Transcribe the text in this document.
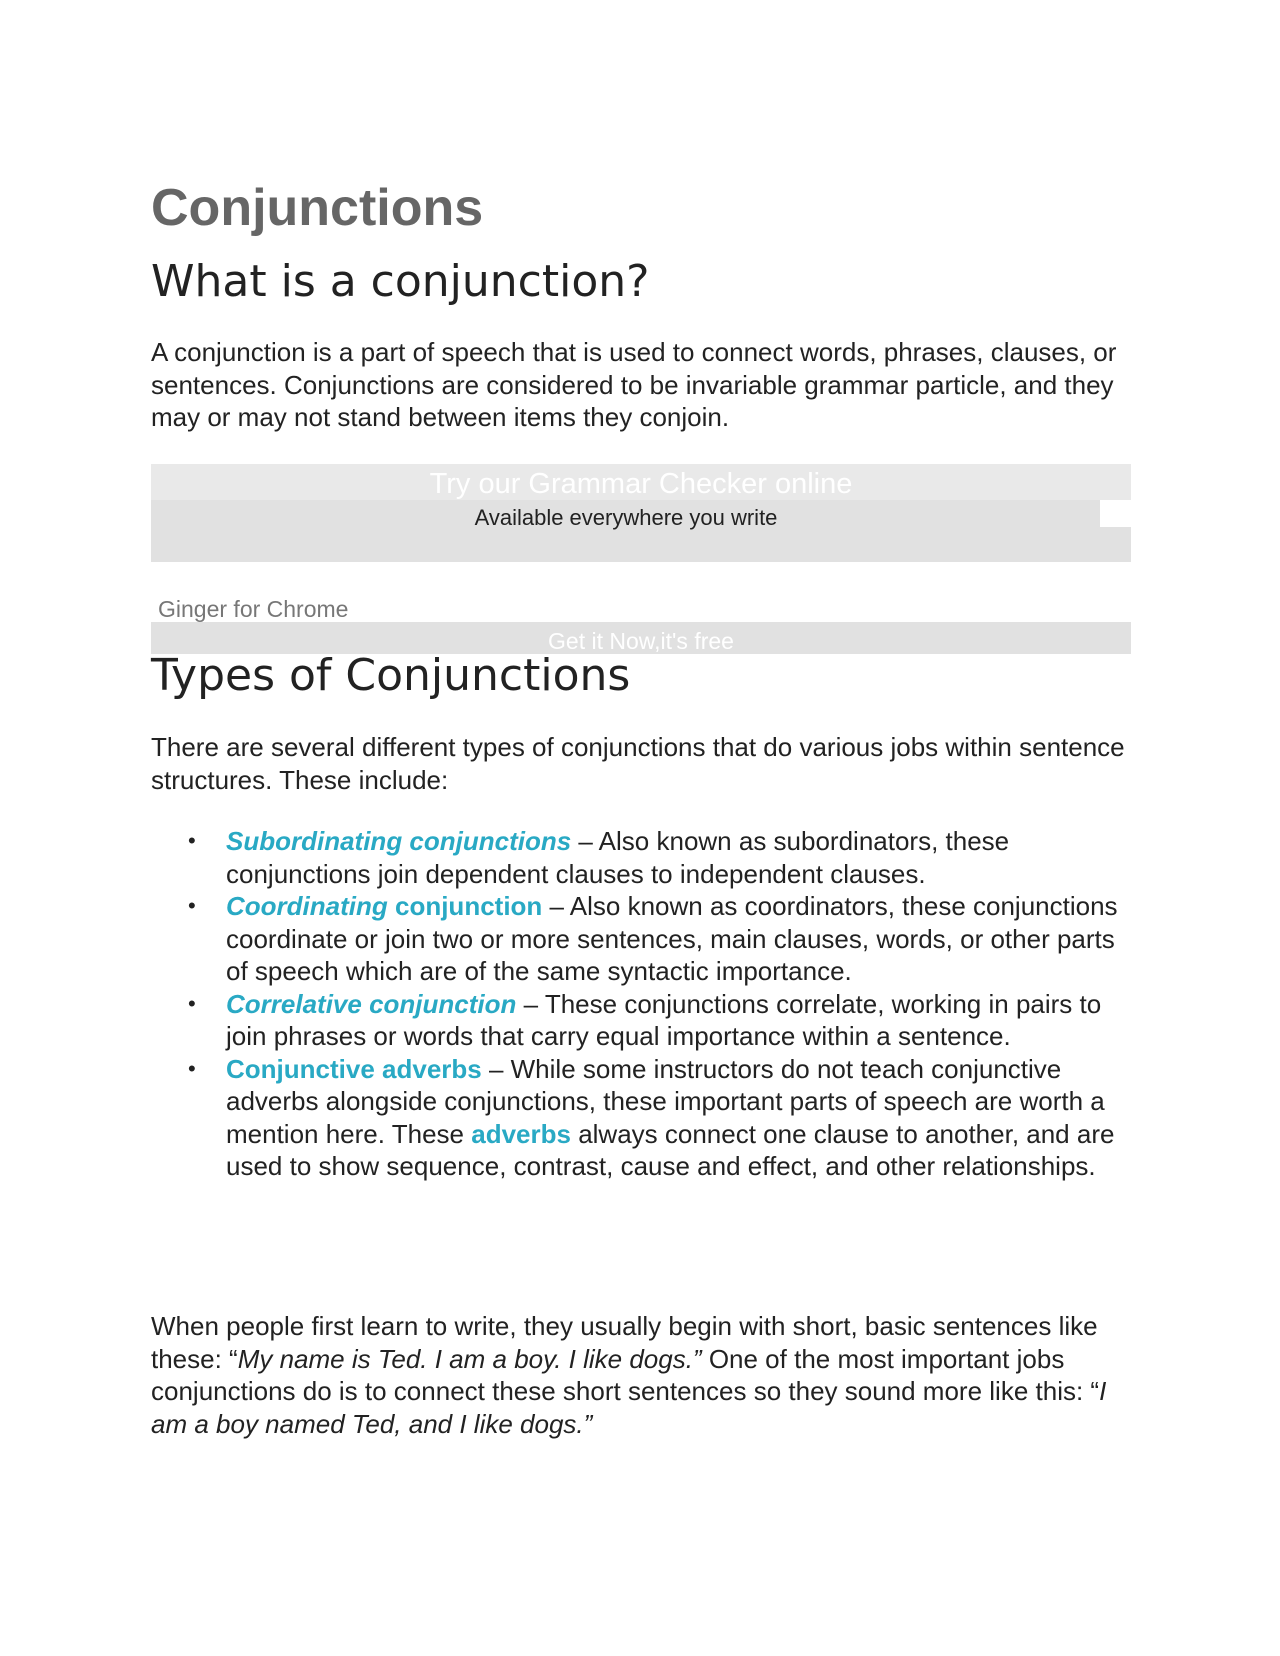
Conjunctions
What is a conjunction?

A conjunction is a part of speech that is used to connect words, phrases, clauses, or sentences. Conjunctions are considered to be invariable grammar particle, and they may or may not stand between items they conjoin.

Try our Grammar Checker online
Available everywhere you write
Ginger for Chrome
Get it Now,it's free
Types of Conjunctions

There are several different types of conjunctions that do various jobs within sentence structures. These include:

• Subordinating conjunctions – Also known as subordinators, these conjunctions join dependent clauses to independent clauses.
• Coordinating conjunction – Also known as coordinators, these conjunctions coordinate or join two or more sentences, main clauses, words, or other parts of speech which are of the same syntactic importance.
• Correlative conjunction – These conjunctions correlate, working in pairs to join phrases or words that carry equal importance within a sentence.
• Conjunctive adverbs – While some instructors do not teach conjunctive adverbs alongside conjunctions, these important parts of speech are worth a mention here. These adverbs always connect one clause to another, and are used to show sequence, contrast, cause and effect, and other relationships.

When people first learn to write, they usually begin with short, basic sentences like these: “My name is Ted. I am a boy. I like dogs.” One of the most important jobs conjunctions do is to connect these short sentences so they sound more like this: “I am a boy named Ted, and I like dogs.”
